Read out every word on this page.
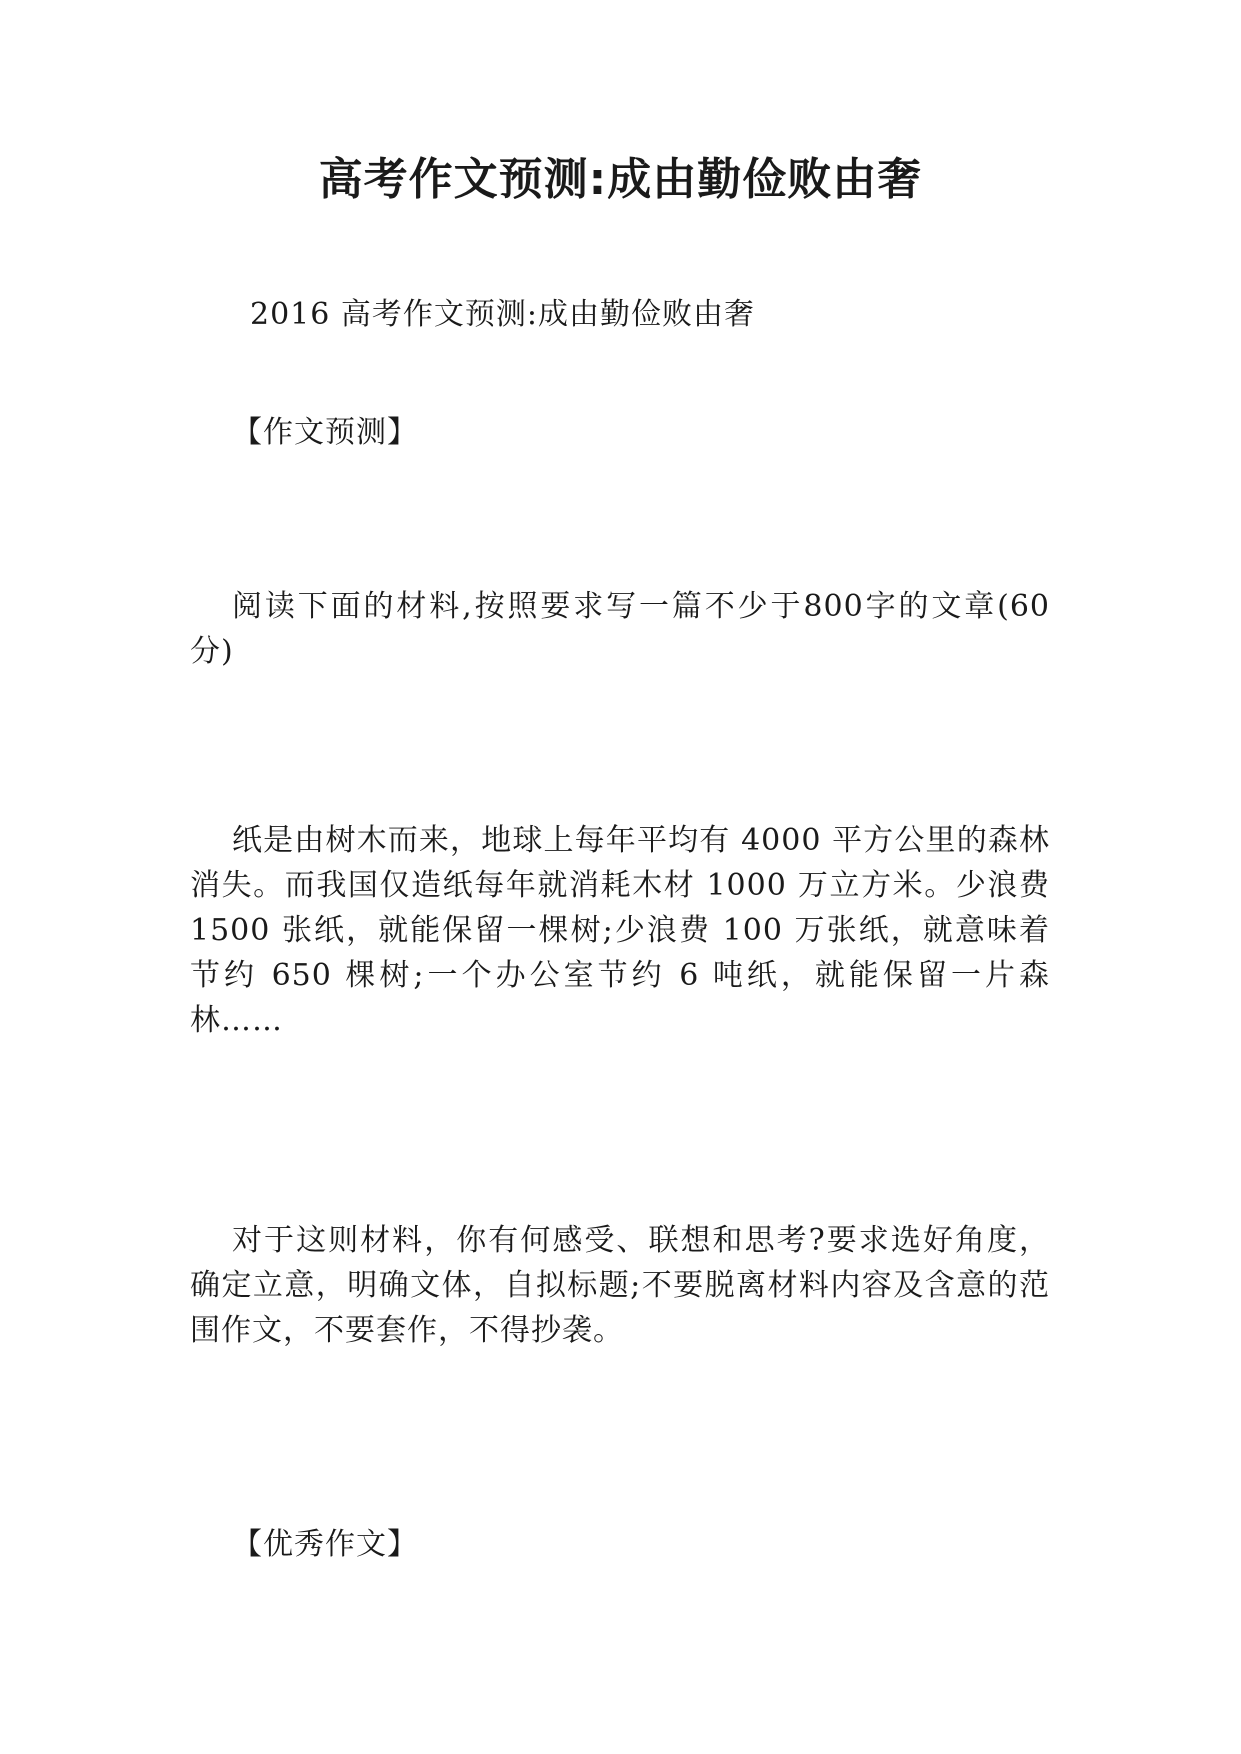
高考作文预测:成由勤俭败由奢

2016 高考作文预测:成由勤俭败由奢

【作文预测】

阅读下面的材料,按照要求写一篇不少于800字的文章(60分)

纸是由树木而来，地球上每年平均有 4000 平方公里的森林消失。而我国仅造纸每年就消耗木材 1000 万立方米。少浪费 1500 张纸，就能保留一棵树;少浪费 100 万张纸，就意味着节约 650 棵树;一个办公室节约 6 吨纸，就能保留一片森林……

对于这则材料，你有何感受、联想和思考?要求选好角度，确定立意，明确文体，自拟标题;不要脱离材料内容及含意的范围作文，不要套作，不得抄袭。

【优秀作文】
